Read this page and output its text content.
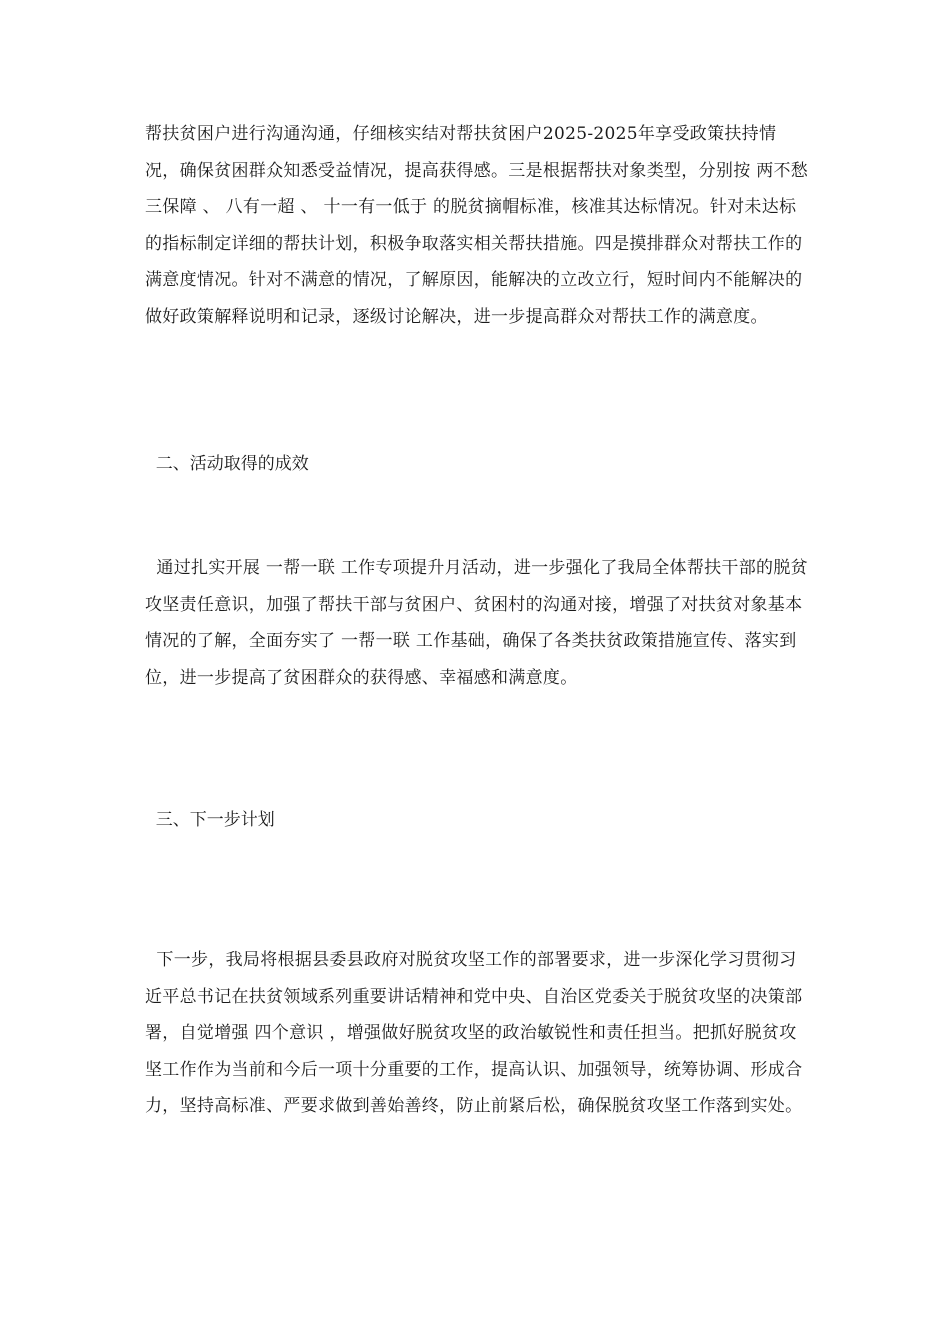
帮扶贫困户进行沟通沟通，仔细核实结对帮扶贫困户2025-2025年享受政策扶持情况，确保贫困群众知悉受益情况，提高获得感。三是根据帮扶对象类型，分别按 两不愁三保障 、 八有一超 、 十一有一低于 的脱贫摘帽标准，核准其达标情况。针对未达标的指标制定详细的帮扶计划，积极争取落实相关帮扶措施。四是摸排群众对帮扶工作的满意度情况。针对不满意的情况，了解原因，能解决的立改立行，短时间内不能解决的做好政策解释说明和记录，逐级讨论解决，进一步提高群众对帮扶工作的满意度。

二、活动取得的成效

通过扎实开展 一帮一联 工作专项提升月活动，进一步强化了我局全体帮扶干部的脱贫攻坚责任意识，加强了帮扶干部与贫困户、贫困村的沟通对接，增强了对扶贫对象基本情况的了解，全面夯实了 一帮一联 工作基础，确保了各类扶贫政策措施宣传、落实到位，进一步提高了贫困群众的获得感、幸福感和满意度。

三、下一步计划

下一步，我局将根据县委县政府对脱贫攻坚工作的部署要求，进一步深化学习贯彻习近平总书记在扶贫领域系列重要讲话精神和党中央、自治区党委关于脱贫攻坚的决策部署，自觉增强 四个意识 ，增强做好脱贫攻坚的政治敏锐性和责任担当。把抓好脱贫攻坚工作作为当前和今后一项十分重要的工作，提高认识、加强领导，统筹协调、形成合力，坚持高标准、严要求做到善始善终，防止前紧后松，确保脱贫攻坚工作落到实处。
